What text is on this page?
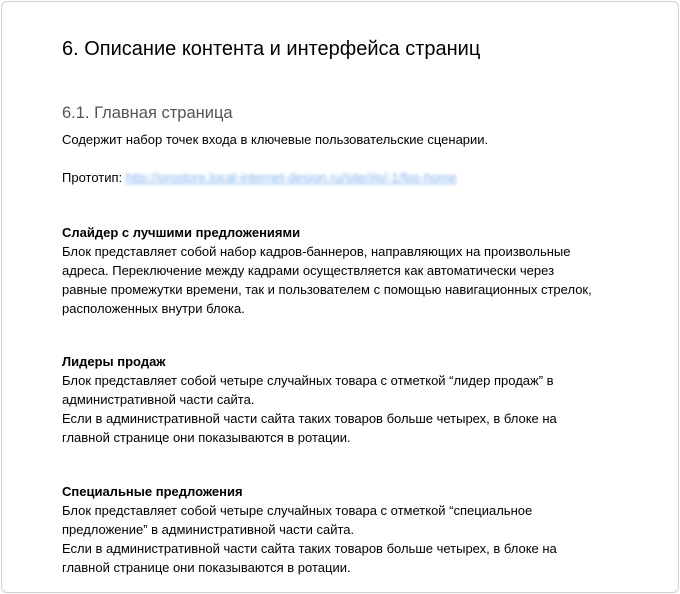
6. Описание контента и интерфейса страниц
6.1. Главная страница

Содержит набор точек входа в ключевые пользовательские сценарии.

Прототип: http://prostore.local-internet-design.ru/site/#p/-1/fps-home

Слайдер с лучшими предложениями

Блок представляет собой набор кадров-баннеров, направляющих на произвольные

адреса. Переключение между кадрами осуществляется как автоматически через

равные промежутки времени, так и пользователем с помощью навигационных стрелок,

расположенных внутри блока.

Лидеры продаж

Блок представляет собой четыре случайных товара с отметкой “лидер продаж” в

административной части сайта.

Если в административной части сайта таких товаров больше четырех, в блоке на

главной странице они показываются в ротации.

Специальные предложения

Блок представляет собой четыре случайных товара с отметкой “специальное

предложение” в административной части сайта.

Если в административной части сайта таких товаров больше четырех, в блоке на

главной странице они показываются в ротации.
